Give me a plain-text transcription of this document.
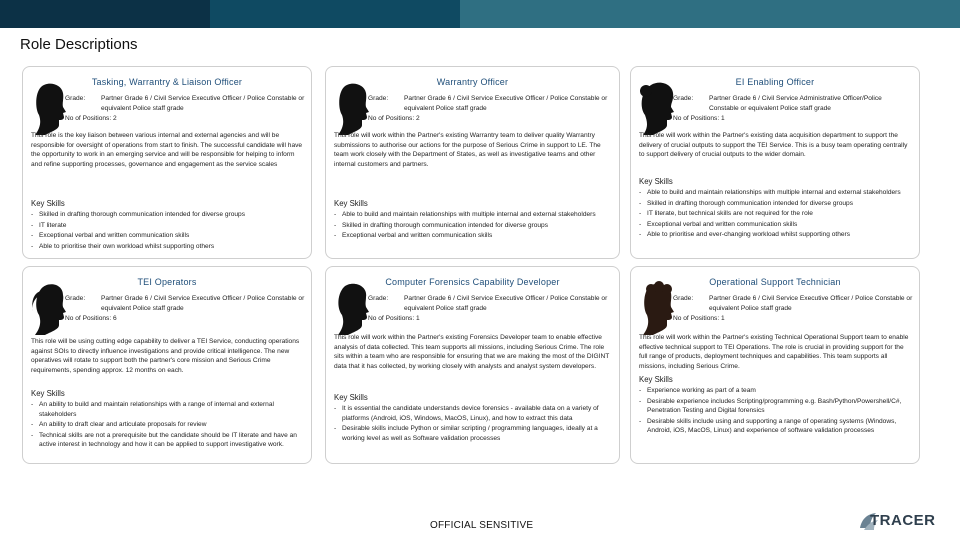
Role Descriptions
Tasking, Warrantry & Liaison Officer
Grade:	Partner Grade 6 / Civil Service Executive Officer / Police Constable or equivalent Police staff grade
No of Positions: 2
This role is the key liaison between various internal and external agencies and will be responsible for oversight of operations from start to finish. The successful candidate will have the opportunity to work in an emerging service and will be responsible for helping to inform and refine supporting processes, governance and engagement as the service scales
Key Skills
- Skilled in drafting thorough communication intended for diverse groups
- IT literate
- Exceptional verbal and written communication skills
- Able to prioritise their own workload whilst supporting others
Warrantry Officer
Grade:	Partner Grade 6 / Civil Service Executive Officer / Police Constable or equivalent Police staff grade
No of Positions: 2
This role will work within the Partner's existing Warrantry team to deliver quality Warrantry submissions to authorise our actions for the purpose of Serious Crime in support to LE. The team work closely with the Department of States, as well as investigative teams and other internal customers and partners.
Key Skills
- Able to build and maintain relationships with multiple internal and external stakeholders
- Skilled in drafting thorough communication intended for diverse groups
- Exceptional verbal and written communication skills
EI Enabling Officer
Grade:	Partner Grade 6 / Civil Service Administrative Officer/Police Constable or equivalent Police staff grade
No of Positions: 1
This role will work within the Partner's existing data acquisition department to support the delivery of crucial outputs to support the TEI Service. This is a busy team operating centrally to support delivery of crucial outputs to the wider domain.
Key Skills
- Able to build and maintain relationships with multiple internal and external stakeholders
- Skilled in drafting thorough communication intended for diverse groups
- IT literate, but technical skills are not required for the role
- Exceptional verbal and written communication skills
- Able to prioritise and ever-changing workload whilst supporting others
TEI Operators
Grade:	Partner Grade 6 / Civil Service Executive Officer / Police Constable or equivalent Police staff grade
No of Positions: 6
This role will be using cutting edge capability to deliver a TEI Service, conducting operations against SOIs to directly influence investigations and provide critical intelligence. The new operatives will rotate to support both the partner's core mission and Serious Crime requirements, spending approx. 12 months on each.
Key Skills
- An ability to build and maintain relationships with a range of internal and external stakeholders
- An ability to draft clear and articulate proposals for review
- Technical skills are not a prerequisite but the candidate should be IT literate and have an active interest in technology and how it can be applied to support investigative work.
Computer Forensics Capability Developer
Grade:	Partner Grade 6 / Civil Service Executive Officer / Police Constable or equivalent Police staff grade
No of Positions: 1
This role will work within the Partner's existing Forensics Developer team to enable effective analysis of data collected. This team supports all missions, including Serious Crime. The role sits within a team who are responsible for ensuring that we are making the most of the DIGINT data that it has collected, by working closely with analysts and analyst system developers.
Key Skills
- It is essential the candidate understands device forensics - available data on a variety of platforms (Android, iOS, Windows, MacOS, Linux), and how to extract this data
- Desirable skills include Python or similar scripting / programming languages, ideally at a working level as well as Software validation processes
Operational Support Technician
Grade:	Partner Grade 6 / Civil Service Executive Officer / Police Constable or equivalent Police staff grade
No of Positions: 1
This role will work within the Partner's existing Technical Operational Support team to enable effective technical support to TEI Operations. The role is crucial in providing support for the full range of products, deployment techniques and capabilities. This team supports all missions, including Serious Crime.
Key Skills
- Experience working as part of a team
- Desirable experience includes Scripting/programming e.g. Bash/Python/Powershell/C#, Penetration Testing and Digital forensics
- Desirable skills include using and supporting a range of operating systems (Windows, Android, iOS, MacOS, Linux) and experience of software validation processes
OFFICIAL SENSITIVE	TRACER
